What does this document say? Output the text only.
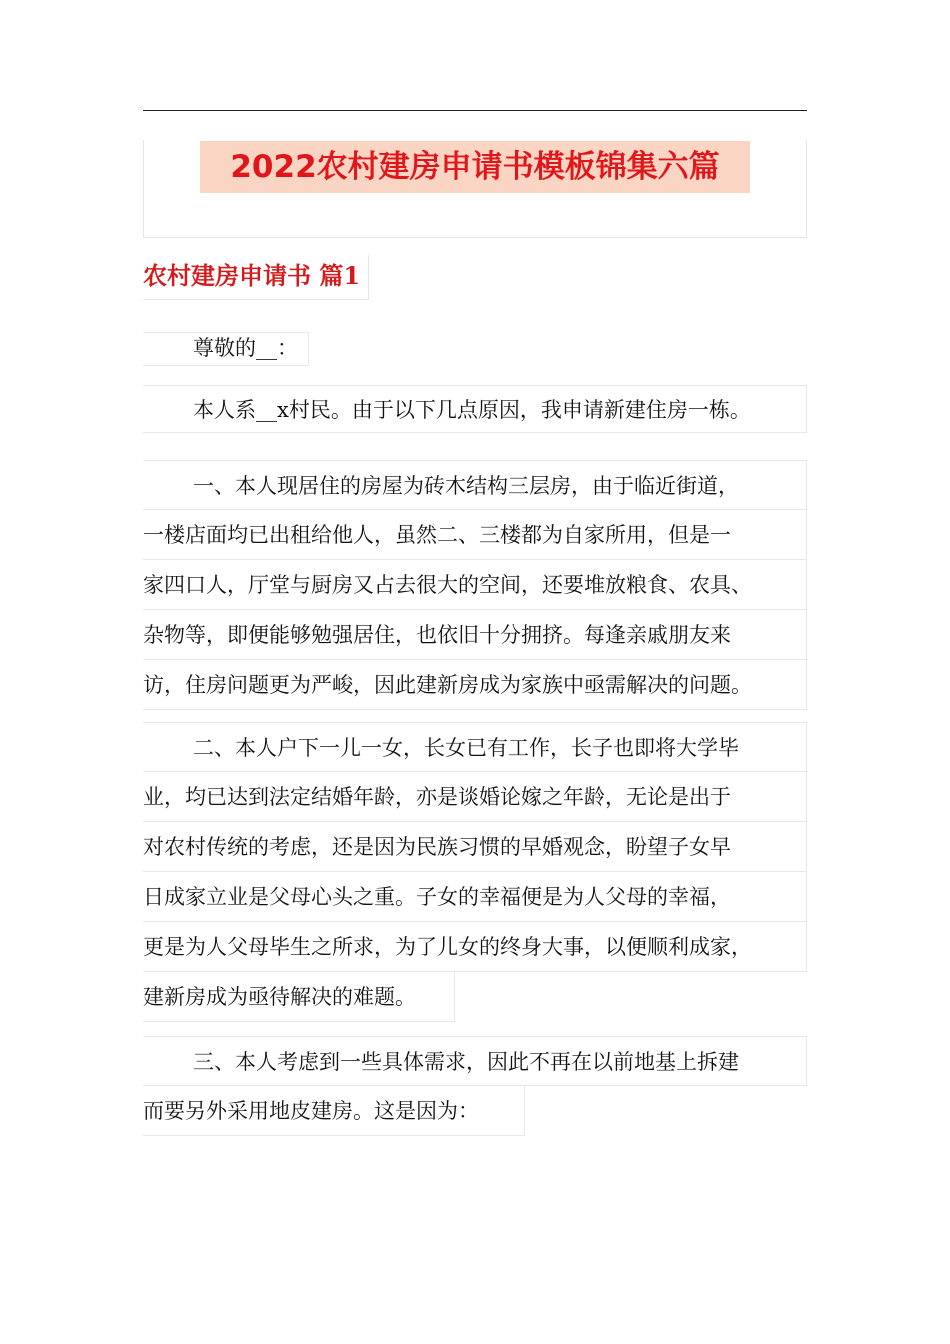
2022农村建房申请书模板锦集六篇
农村建房申请书 篇1
尊敬的__：
本人系__x村民。由于以下几点原因，我申请新建住房一栋。
一、本人现居住的房屋为砖木结构三层房，由于临近街道，
一楼店面均已出租给他人，虽然二、三楼都为自家所用，但是一
家四口人，厅堂与厨房又占去很大的空间，还要堆放粮食、农具、
杂物等，即便能够勉强居住，也依旧十分拥挤。每逢亲戚朋友来
访，住房问题更为严峻，因此建新房成为家族中亟需解决的问题。
二、本人户下一儿一女，长女已有工作，长子也即将大学毕
业，均已达到法定结婚年龄，亦是谈婚论嫁之年龄，无论是出于
对农村传统的考虑，还是因为民族习惯的早婚观念，盼望子女早
日成家立业是父母心头之重。子女的幸福便是为人父母的幸福，
更是为人父母毕生之所求，为了儿女的终身大事，以便顺利成家，
建新房成为亟待解决的难题。
三、本人考虑到一些具体需求，因此不再在以前地基上拆建
而要另外采用地皮建房。这是因为：
